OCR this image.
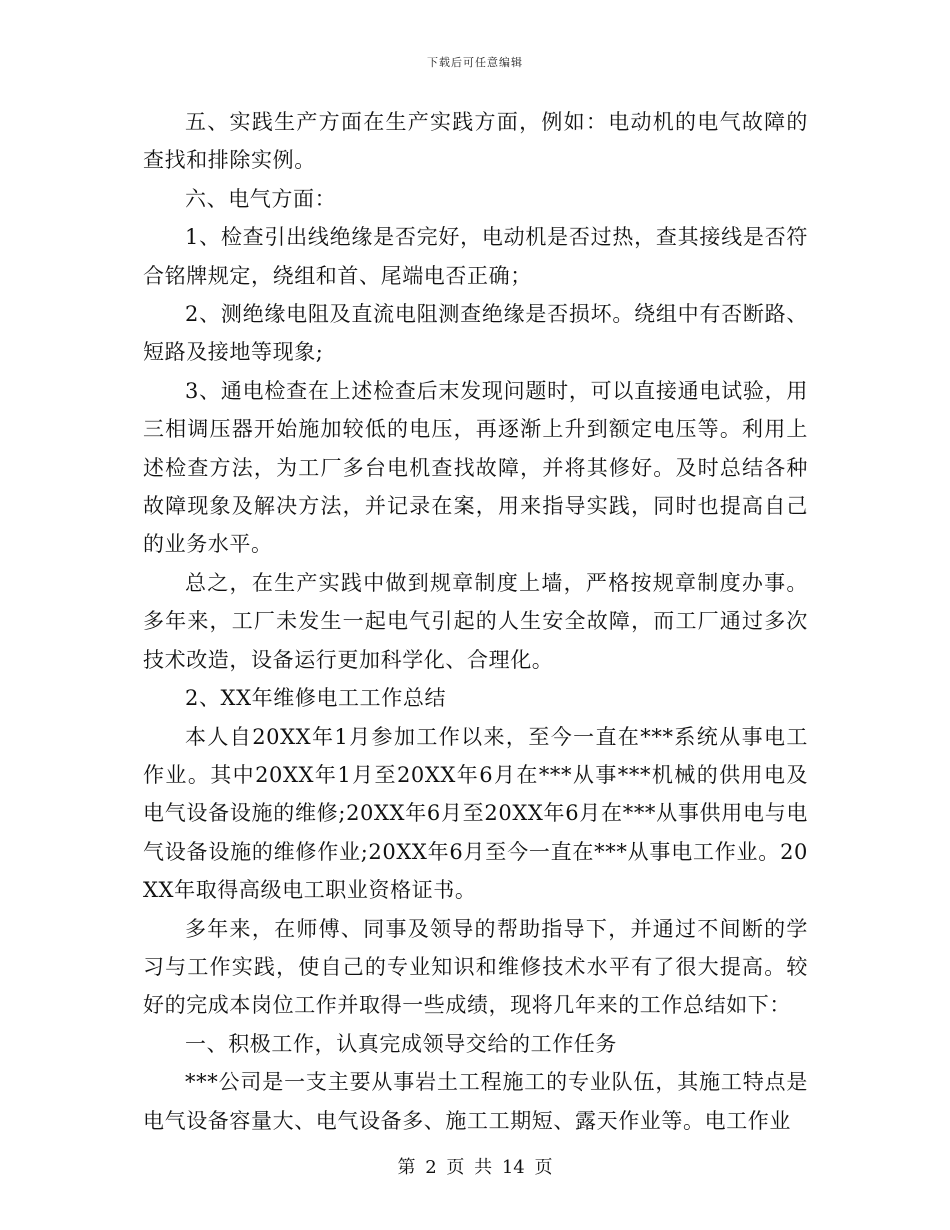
下载后可任意编辑

五、实践生产方面在生产实践方面，例如：电动机的电气故障的查找和排除实例。

六、电气方面：

1、检查引出线绝缘是否完好，电动机是否过热，查其接线是否符合铭牌规定，绕组和首、尾端电否正确；

2、测绝缘电阻及直流电阻测查绝缘是否损坏。绕组中有否断路、短路及接地等现象;

3、通电检查在上述检查后末发现问题时，可以直接通电试验，用三相调压器开始施加较低的电压，再逐渐上升到额定电压等。利用上述检查方法，为工厂多台电机查找故障，并将其修好。及时总结各种故障现象及解决方法，并记录在案，用来指导实践，同时也提高自己的业务水平。

总之，在生产实践中做到规章制度上墙，严格按规章制度办事。多年来，工厂未发生一起电气引起的人生安全故障，而工厂通过多次技术改造，设备运行更加科学化、合理化。

2、XX年维修电工工作总结

本人自20XX年1月参加工作以来，至今一直在***系统从事电工作业。其中20XX年1月至20XX年6月在***从事***机械的供用电及电气设备设施的维修;20XX年6月至20XX年6月在***从事供用电与电气设备设施的维修作业;20XX年6月至今一直在***从事电工作业。20XX年取得高级电工职业资格证书。

多年来，在师傅、同事及领导的帮助指导下，并通过不间断的学习与工作实践，使自己的专业知识和维修技术水平有了很大提高。较好的完成本岗位工作并取得一些成绩，现将几年来的工作总结如下：

一、积极工作，认真完成领导交给的工作任务

***公司是一支主要从事岩土工程施工的专业队伍，其施工特点是电气设备容量大、电气设备多、施工工期短、露天作业等。电工作业

第 2 页 共 14 页
